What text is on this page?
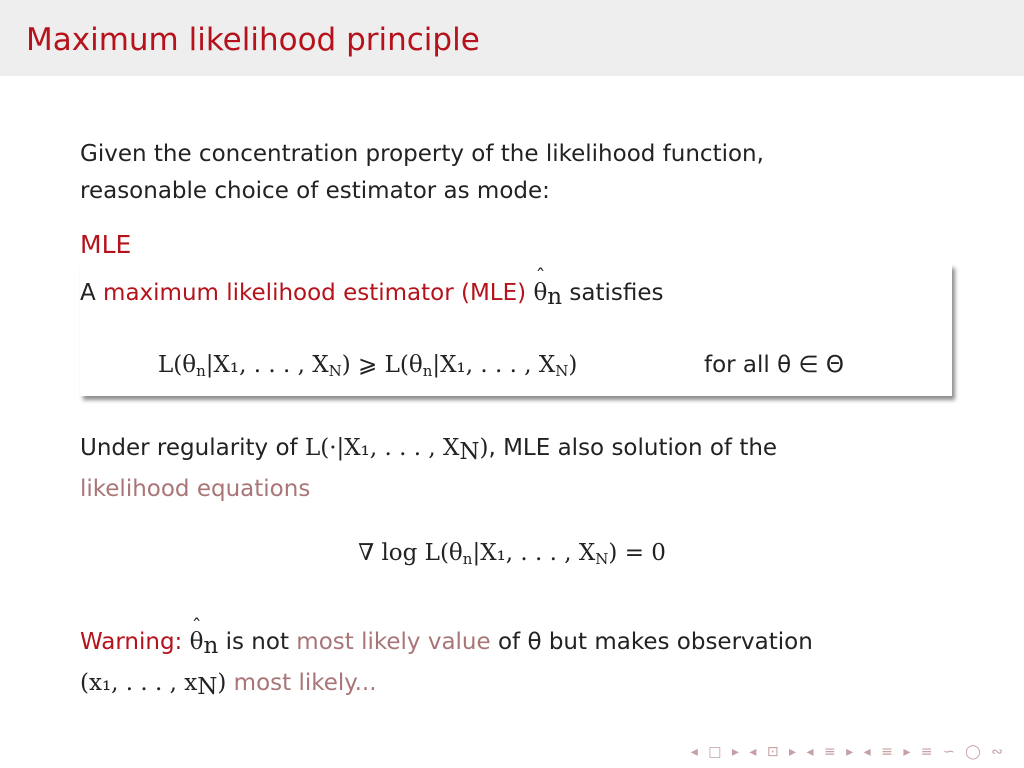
Maximum likelihood principle
Given the concentration property of the likelihood function,
reasonable choice of estimator as mode:
MLE
A maximum likelihood estimator (MLE) ˆ $\theta_n$ satisfies
$L(\theta_n|X_1$, . . . , $X_N$) ⩾ $L(\theta_n|X_1$, . . . , $X_N$)	for all θ ∈ Θ
Under regularity of L(·|X₁, . . . , $X_N$), MLE also solution of the
likelihood equations
∇ $\log L(\theta_n|X_1$, . . . , $X_N) = 0$
Warning: ˆ $\theta_n$ is not most likely value of θ but makes observation
(x₁, . . . , $x_N$) most likely...
◂ □ ▸ ◂ ⊡ ▸ ◂ ≡ ▸ ◂ ≡ ▸ ≡ ∽ ◯ ∾
